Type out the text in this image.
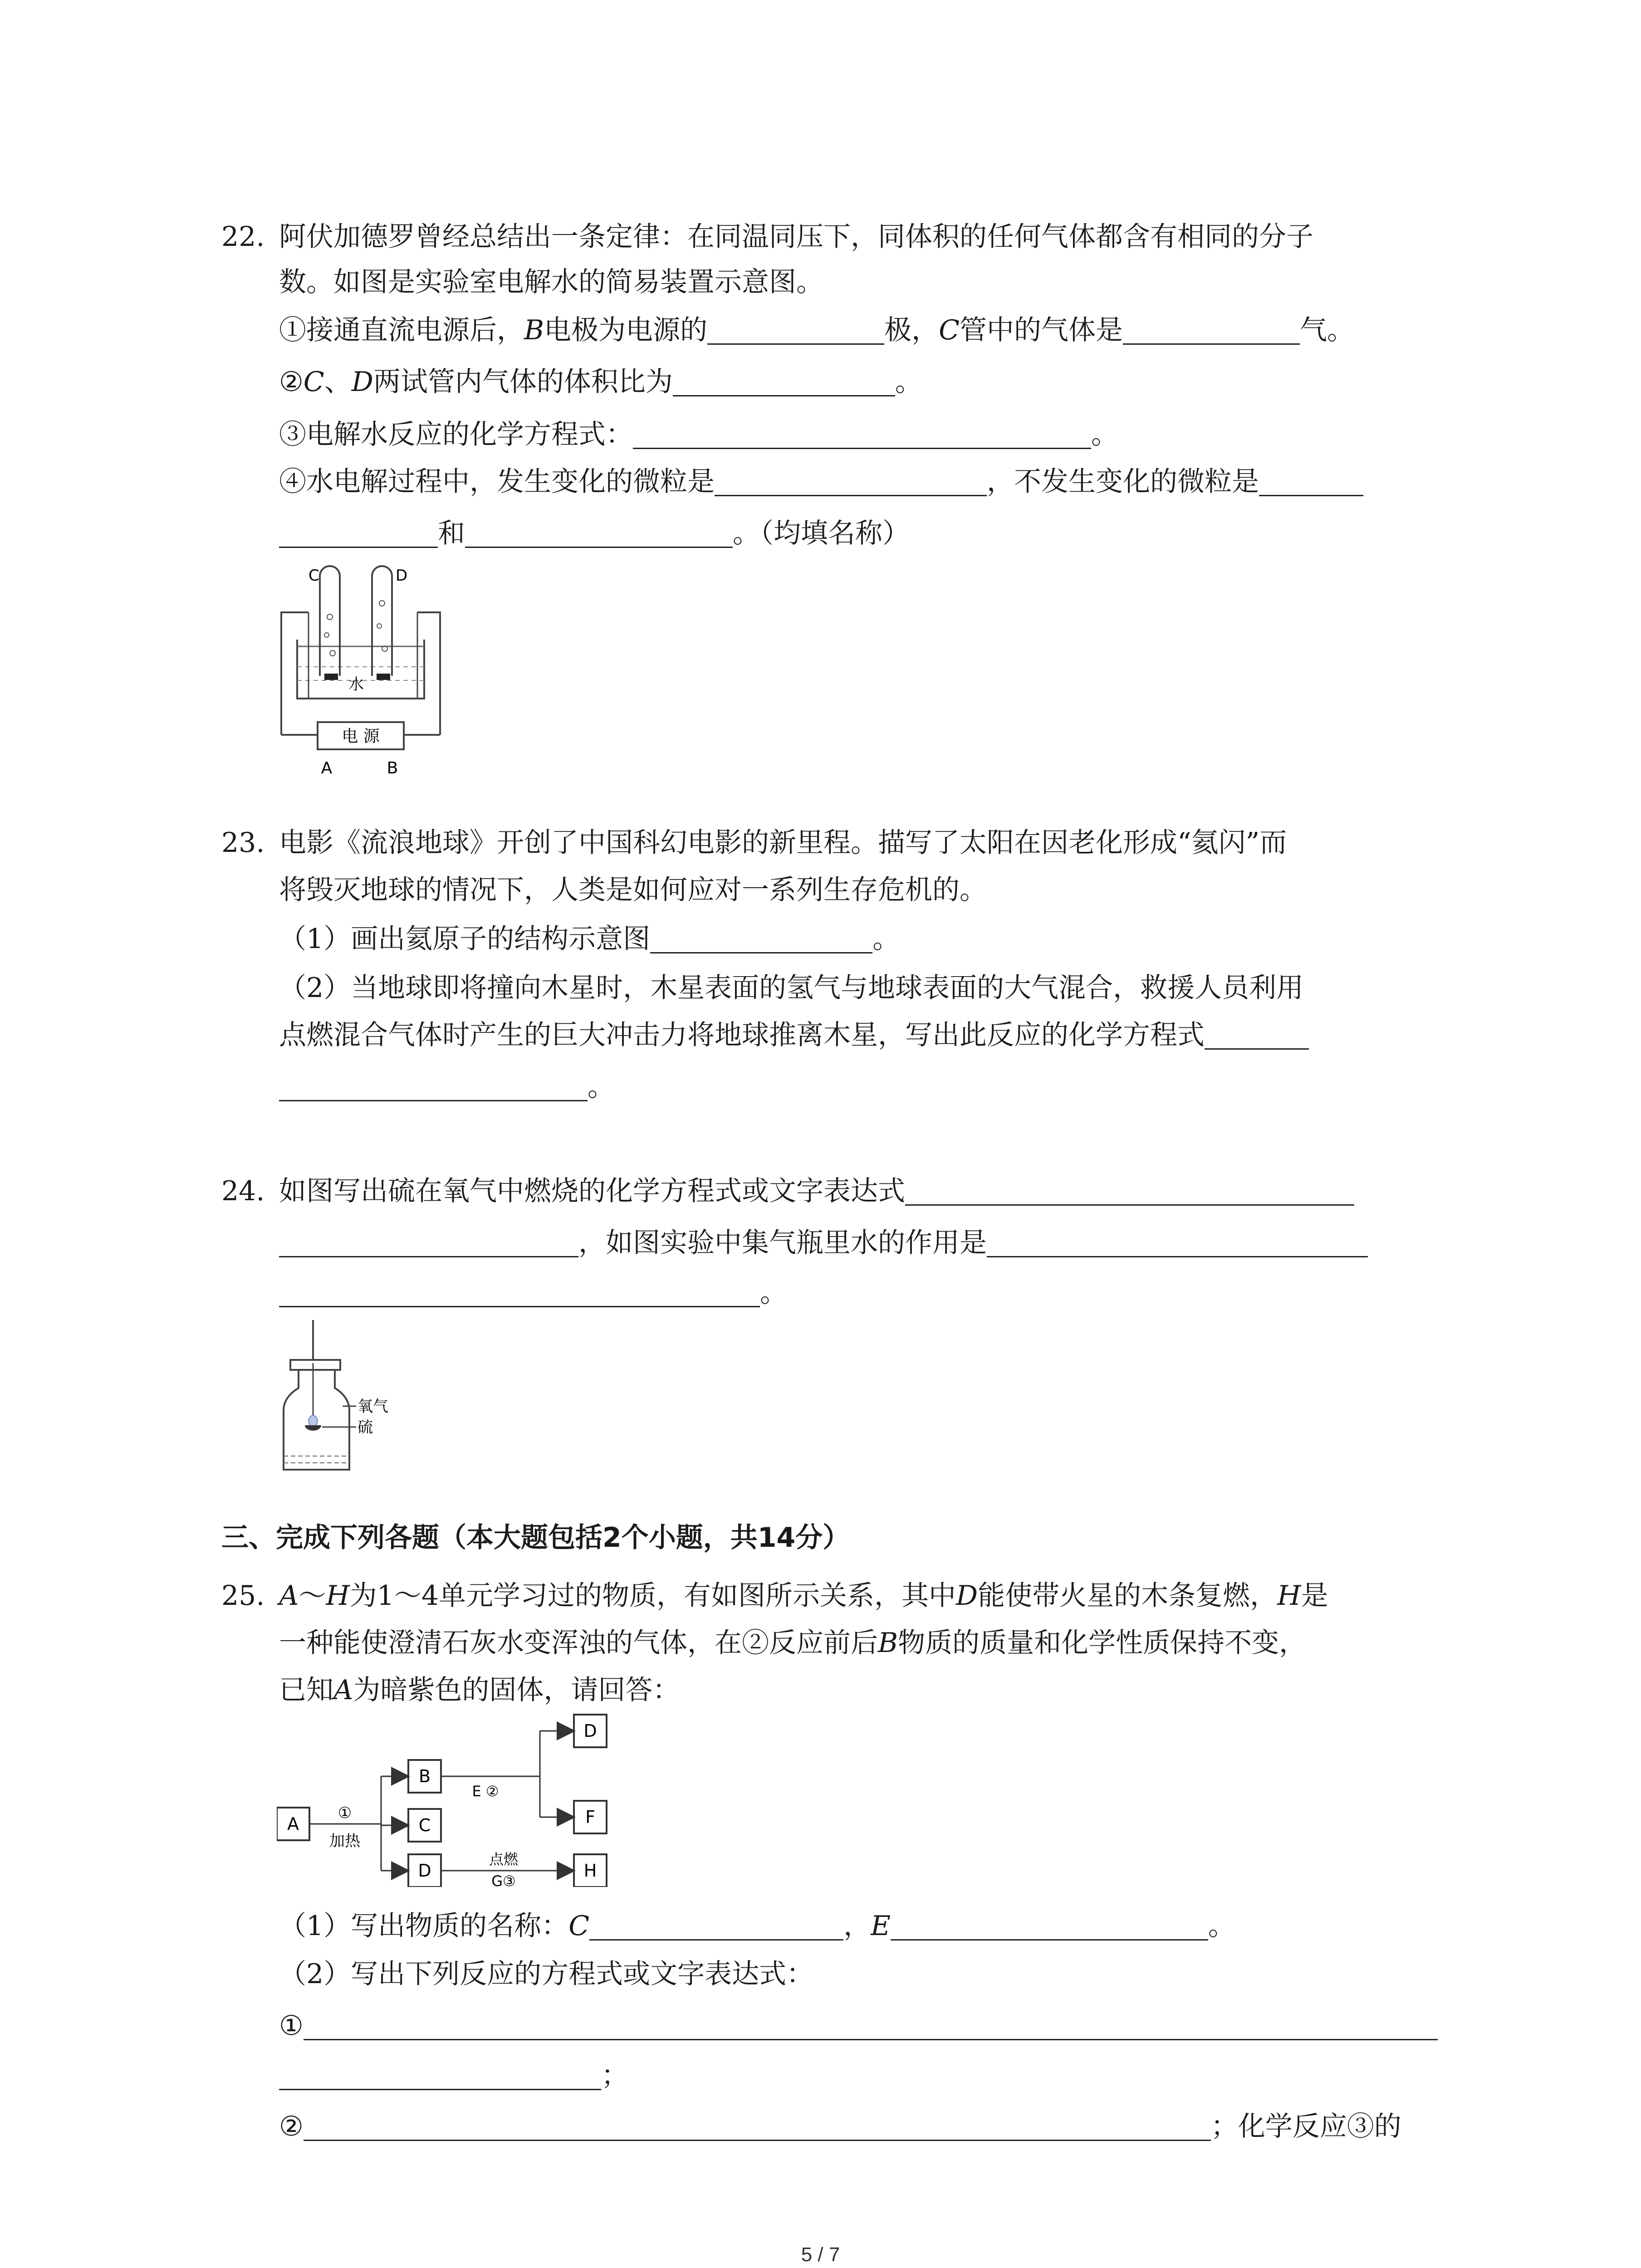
22. 阿伏加德罗曾经总结出一条定律：在同温同压下，同体积的任何气体都含有相同的分子
数。如图是实验室电解水的简易装置示意图。
①接通直流电源后，B电极为电源的	极，C管中的气体是	气。
②C、D两试管内气体的体积比为	。
③电解水反应的化学方程式：	。
④水电解过程中，发生变化的微粒是	，不发生变化的微粒是
和	。（均填名称）
电 源
A	B
C	D
水
23. 电影《流浪地球》开创了中国科幻电影的新里程。描写了太阳在因老化形成“氦闪”而
将毁灭地球的情况下，人类是如何应对一系列生存危机的。
（1）画出氦原子的结构示意图	。
（2）当地球即将撞向木星时，木星表面的氢气与地球表面的大气混合，救援人员利用
点燃混合气体时产生的巨大冲击力将地球推离木星，写出此反应的化学方程式
。
24. 如图写出硫在氧气中燃烧的化学方程式或文字表达式
，如图实验中集气瓶里水的作用是
。
氧气
硫
三、完成下列各题（本大题包括2个小题，共14分）
25. A～H为1～4单元学习过的物质，有如图所示关系，其中D能使带火星的木条复燃，H是
一种能使澄清石灰水变浑浊的气体，在②反应前后B物质的质量和化学性质保持不变，
已知A为暗紫色的固体，请回答：
A
B
C
D
D
F
H
①
加热
E ②
点燃
G③
（1）写出物质的名称：C	，E	。
（2）写出下列反应的方程式或文字表达式：
①
；
②	；化学反应③的
5 / 7
